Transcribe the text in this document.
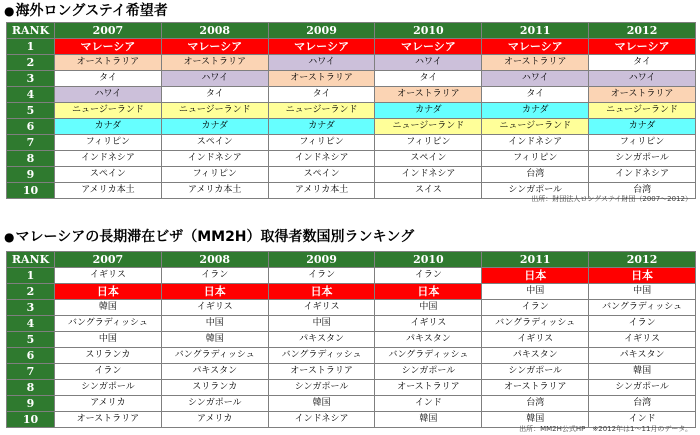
●海外ロングステイ希望者
RANK	2007	2008	2009	2010	2011	2012
1	マレーシア	マレーシア	マレーシア	マレーシア	マレーシア	マレーシア
2	オーストラリア	オーストラリア	ハワイ	ハワイ	オーストラリア	タイ
3	タイ	ハワイ	オーストラリア	タイ	ハワイ	ハワイ
4	ハワイ	タイ	タイ	オーストラリア	タイ	オーストラリア
5	ニュージーランド	ニュージーランド	ニュージーランド	カナダ	カナダ	ニュージーランド
6	カナダ	カナダ	カナダ	ニュージーランド	ニュージーランド	カナダ
7	フィリピン	スペイン	フィリピン	フィリピン	インドネシア	フィリピン
8	インドネシア	インドネシア	インドネシア	スペイン	フィリピン	シンガポール
9	スペイン	フィリピン	スペイン	インドネシア	台湾	インドネシア
10	アメリカ本土	アメリカ本土	アメリカ本土	スイス	シンガポール	台湾
出所：財団法人ロングステイ財団（2007～2012）
●マレーシアの長期滞在ビザ（MM2H）取得者数国別ランキング
RANK	2007	2008	2009	2010	2011	2012
1	イギリス	イラン	イラン	イラン	日本	日本
2	日本	日本	日本	日本	中国	中国
3	韓国	イギリス	イギリス	中国	イラン	バングラディッシュ
4	バングラディッシュ	中国	中国	イギリス	バングラディッシュ	イラン
5	中国	韓国	パキスタン	パキスタン	イギリス	イギリス
6	スリランカ	バングラディッシュ	バングラディッシュ	バングラディッシュ	パキスタン	パキスタン
7	イラン	パキスタン	オーストラリア	シンガポール	シンガポール	韓国
8	シンガポール	スリランカ	シンガポール	オーストラリア	オーストラリア	シンガポール
9	アメリカ	シンガポール	韓国	インド	台湾	台湾
10	オーストラリア	アメリカ	インドネシア	韓国	韓国	インド
出所：MM2H公式HP　※2012年は1～11月のデータ。
